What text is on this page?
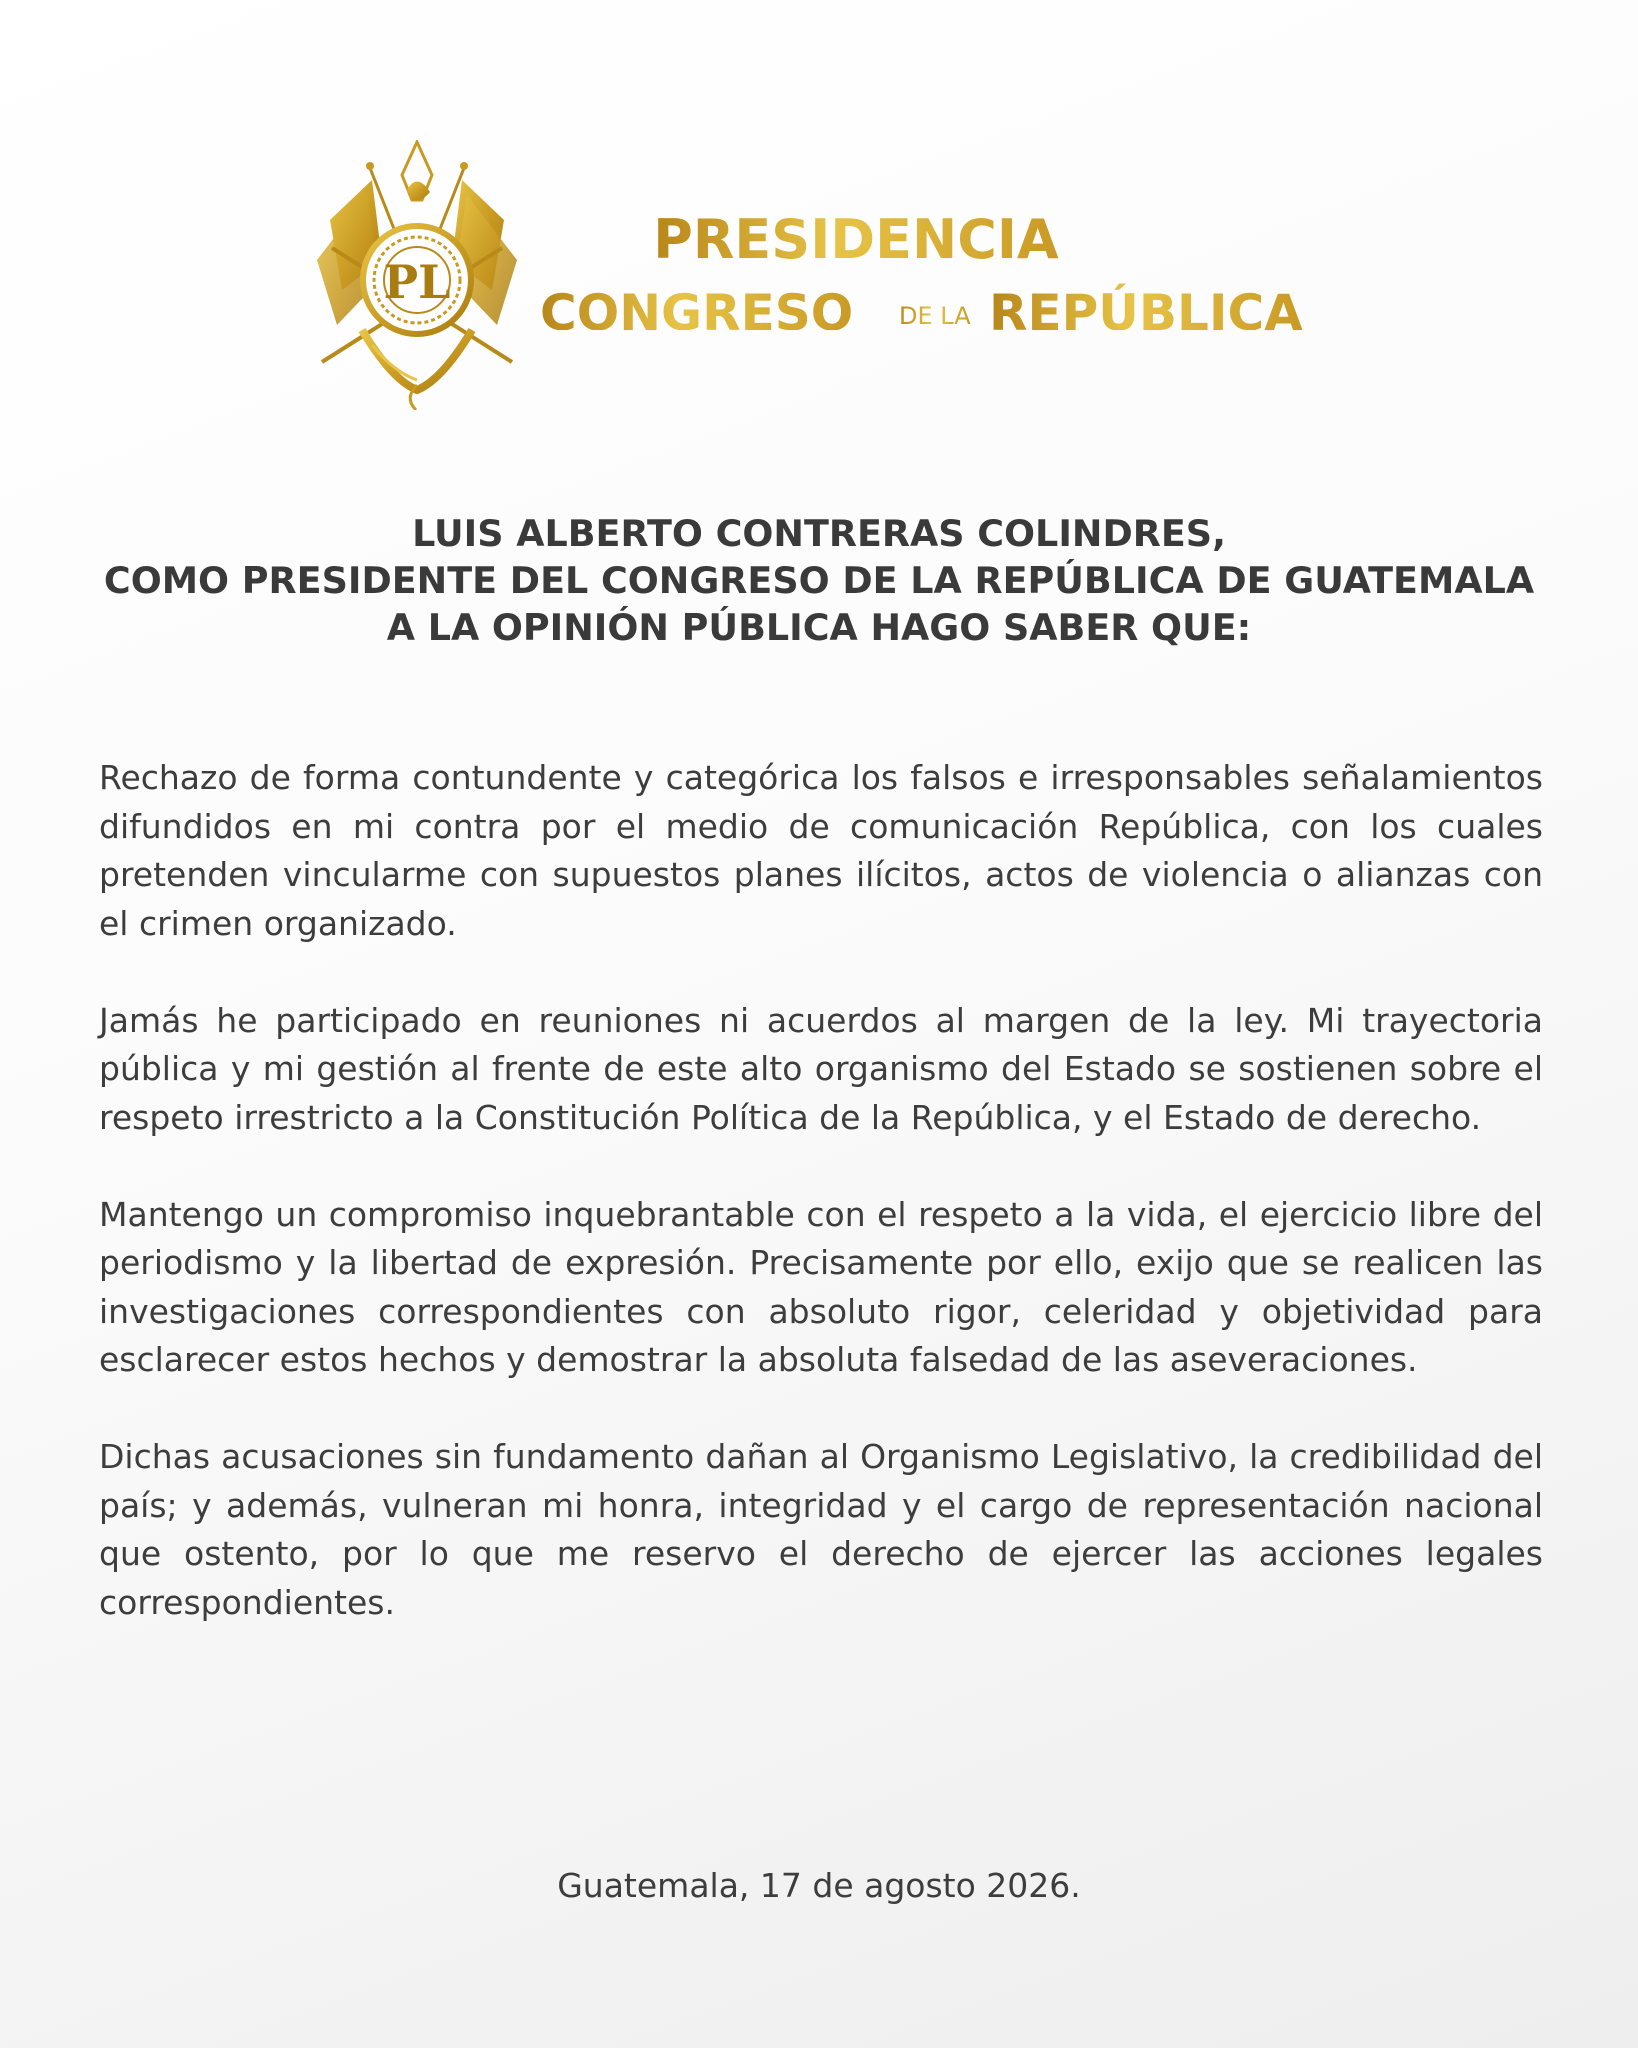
PL
PRESIDENCIA
CONGRESO DE LA REPÚBLICA
LUIS ALBERTO CONTRERAS COLINDRES,
COMO PRESIDENTE DEL CONGRESO DE LA REPÚBLICA DE GUATEMALA
A LA OPINIÓN PÚBLICA HAGO SABER QUE:

Rechazo de forma contundente y categórica los falsos e irresponsables señalamientos difundidos en mi contra por el medio de comunicación República, con los cuales pretenden vincularme con supuestos planes ilícitos, actos de violencia o alianzas con el crimen organizado.

Jamás he participado en reuniones ni acuerdos al margen de la ley. Mi trayectoria pública y mi gestión al frente de este alto organismo del Estado se sostienen sobre el respeto irrestricto a la Constitución Política de la República, y el Estado de derecho.

Mantengo un compromiso inquebrantable con el respeto a la vida, el ejercicio libre del periodismo y la libertad de expresión. Precisamente por ello, exijo que se realicen las investigaciones correspondientes con absoluto rigor, celeridad y objetividad para esclarecer estos hechos y demostrar la absoluta falsedad de las aseveraciones.

Dichas acusaciones sin fundamento dañan al Organismo Legislativo, la credibilidad del país; y además, vulneran mi honra, integridad y el cargo de representación nacional que ostento, por lo que me reservo el derecho de ejercer las acciones legales correspondientes.

Guatemala, 17 de agosto 2026.
